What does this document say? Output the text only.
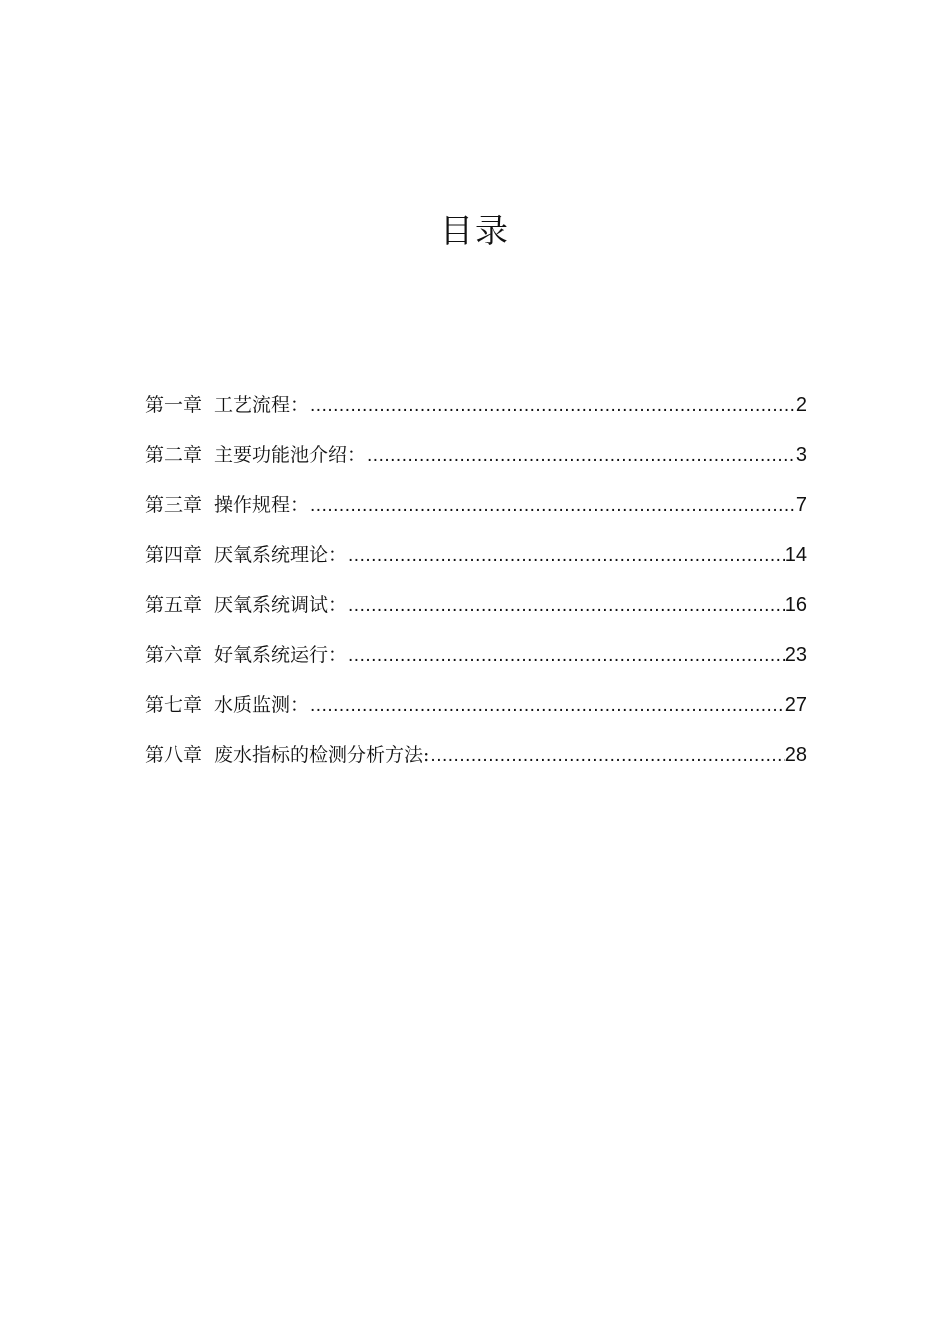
目录
第一章 工艺流程： .....	2
第二章 主要功能池介绍： .....	3
第三章 操作规程： .....	7
第四章 厌氧系统理论： .....	14
第五章 厌氧系统调试： .....	16
第六章 好氧系统运行： .....	23
第七章 水质监测： .....	27
第八章 废水指标的检测分析方法: .....	28
